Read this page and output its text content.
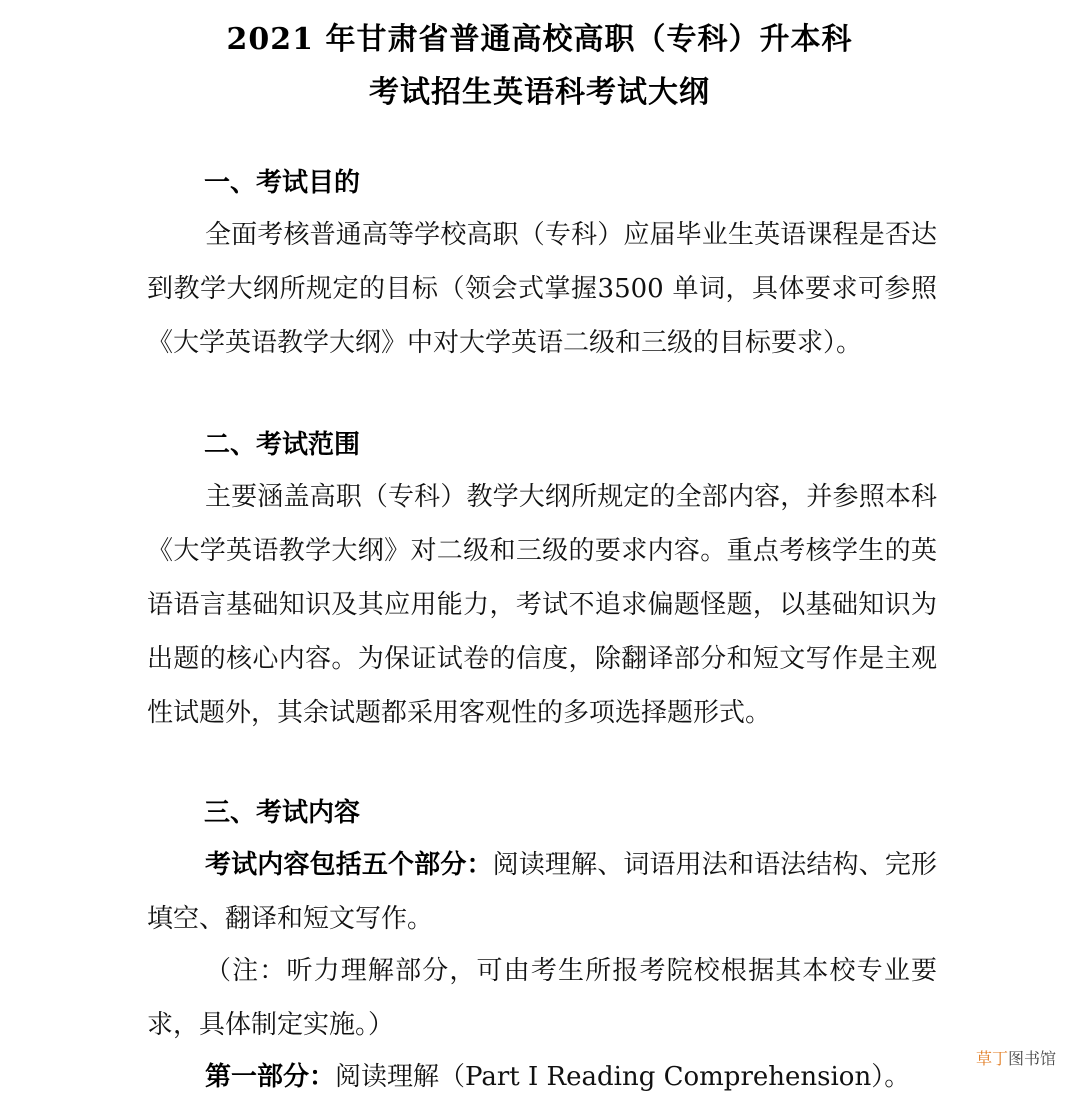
2021 年甘肃省普通高校高职（专科）升本科
考试招生英语科考试大纲
一、考试目的
全面考核普通高等学校高职（专科）应届毕业生英语课程是否达到教学大纲所规定的目标（领会式掌握3500 单词，具体要求可参照《大学英语教学大纲》中对大学英语二级和三级的目标要求）。
二、考试范围
主要涵盖高职（专科）教学大纲所规定的全部内容，并参照本科《大学英语教学大纲》对二级和三级的要求内容。重点考核学生的英语语言基础知识及其应用能力，考试不追求偏题怪题，以基础知识为出题的核心内容。为保证试卷的信度，除翻译部分和短文写作是主观性试题外，其余试题都采用客观性的多项选择题形式。
三、考试内容
考试内容包括五个部分：阅读理解、词语用法和语法结构、完形填空、翻译和短文写作。
（注：听力理解部分，可由考生所报考院校根据其本校专业要求，具体制定实施。）
第一部分：阅读理解（Part I Reading Comprehension）。
草丁图书馆
